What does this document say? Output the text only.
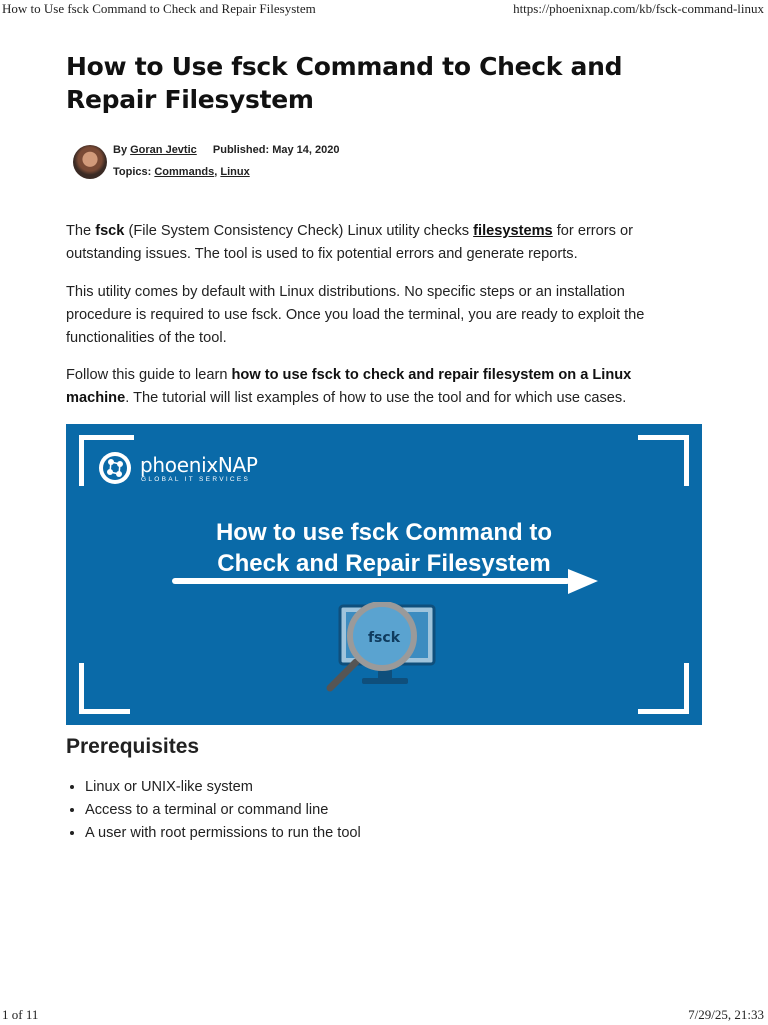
How to Use fsck Command to Check and Repair Filesystem	https://phoenixnap.com/kb/fsck-command-linux
How to Use fsck Command to Check and Repair Filesystem
By Goran Jevtic Published: May 14, 2020
Topics: Commands, Linux

The fsck (File System Consistency Check) Linux utility checks filesystems for errors or outstanding issues. The tool is used to fix potential errors and generate reports.

This utility comes by default with Linux distributions. No specific steps or an installation procedure is required to use fsck. Once you load the terminal, you are ready to exploit the functionalities of the tool.

Follow this guide to learn how to use fsck to check and repair filesystem on a Linux machine. The tutorial will list examples of how to use the tool and for which use cases.

phoenixNAP
GLOBAL IT SERVICES
How to use fsck Command to
Check and Repair Filesystem
fsck
Prerequisites
• Linux or UNIX-like system
• Access to a terminal or command line
• A user with root permissions to run the tool
1 of 11	7/29/25, 21:33
